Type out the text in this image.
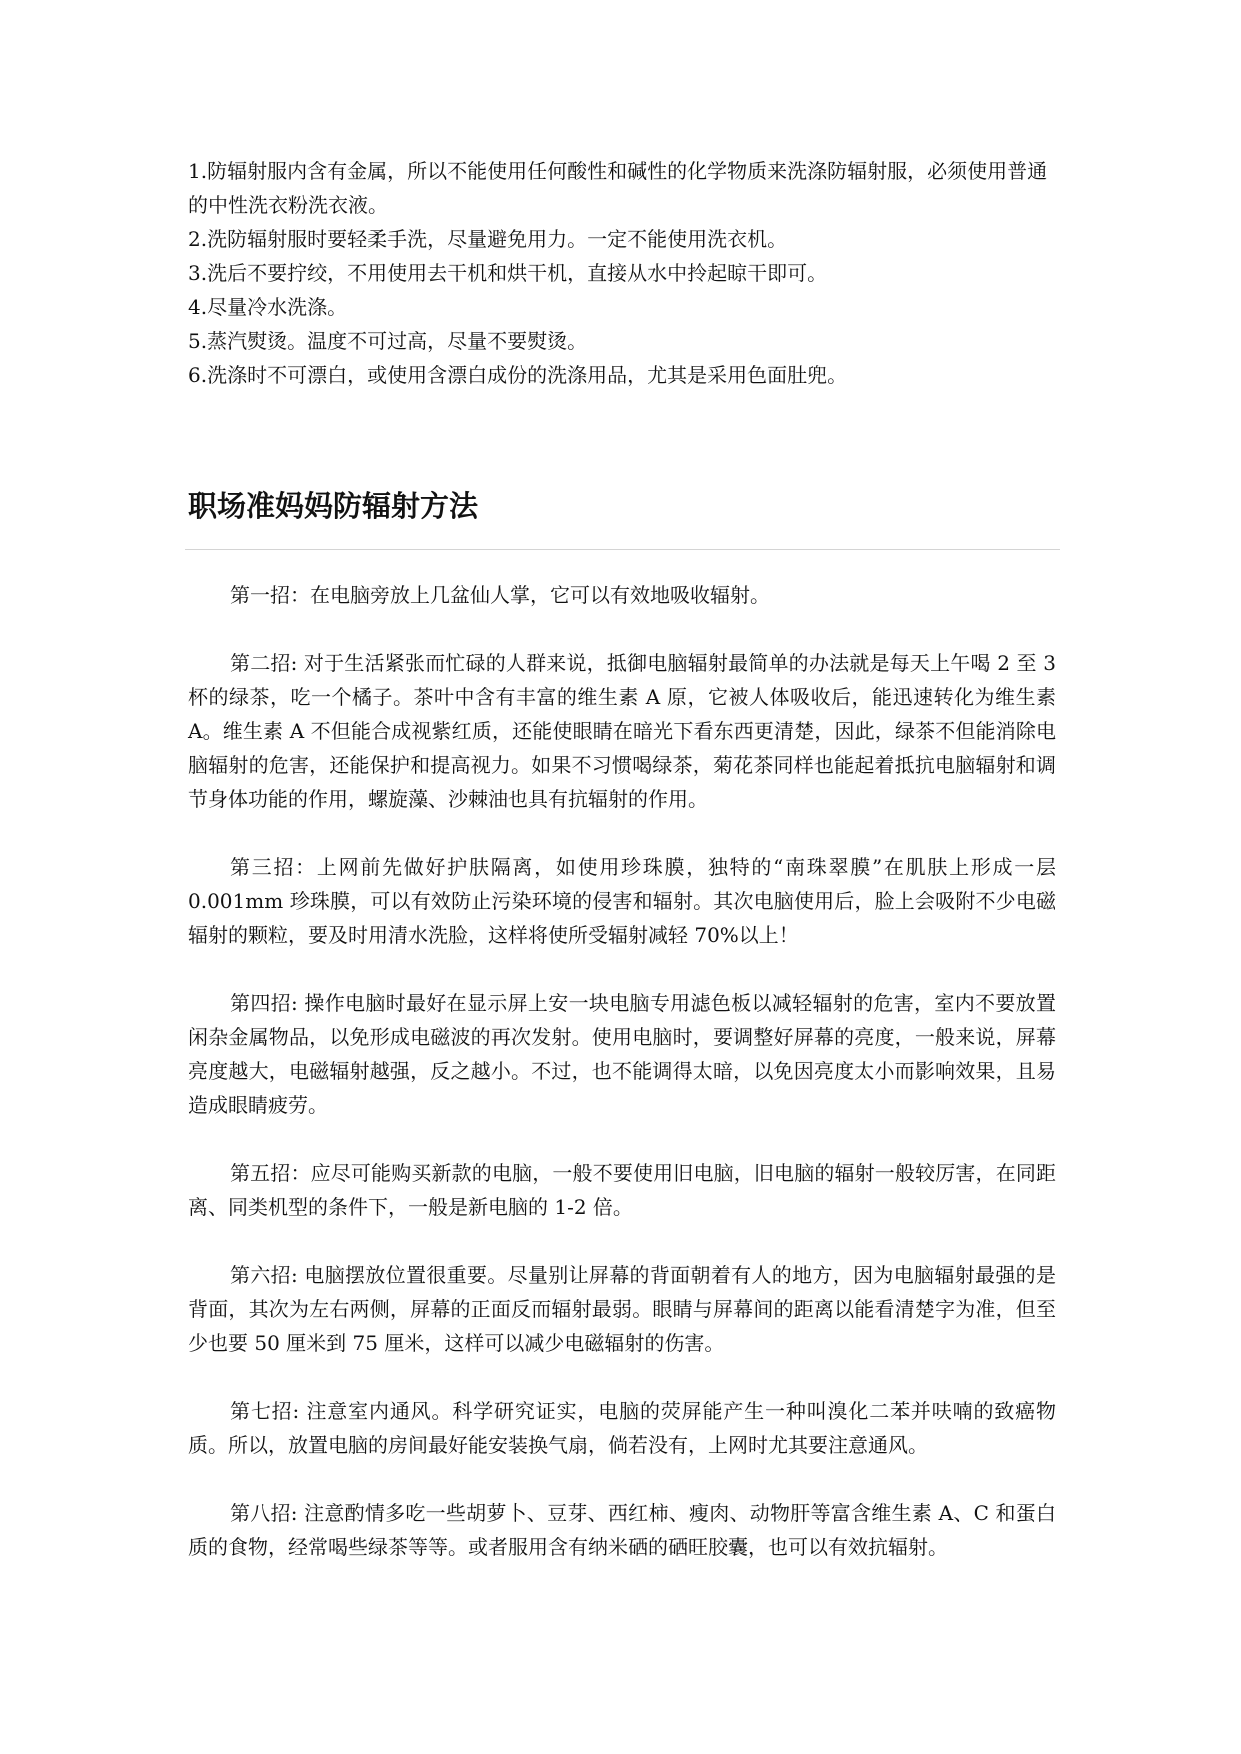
1.防辐射服内含有金属，所以不能使用任何酸性和碱性的化学物质来洗涤防辐射服，必须使用普通的中性洗衣粉洗衣液。
2.洗防辐射服时要轻柔手洗，尽量避免用力。一定不能使用洗衣机。
3.洗后不要拧绞，不用使用去干机和烘干机，直接从水中拎起晾干即可。
4.尽量冷水洗涤。
5.蒸汽熨烫。温度不可过高，尽量不要熨烫。
6.洗涤时不可漂白，或使用含漂白成份的洗涤用品，尤其是采用色面肚兜。
职场准妈妈防辐射方法

第一招：在电脑旁放上几盆仙人掌，它可以有效地吸收辐射。

第二招: 对于生活紧张而忙碌的人群来说，抵御电脑辐射最简单的办法就是每天上午喝 2 至 3 杯的绿茶，吃一个橘子。茶叶中含有丰富的维生素 A 原，它被人体吸收后，能迅速转化为维生素 A。维生素 A 不但能合成视紫红质，还能使眼睛在暗光下看东西更清楚，因此，绿茶不但能消除电脑辐射的危害，还能保护和提高视力。如果不习惯喝绿茶，菊花茶同样也能起着抵抗电脑辐射和调节身体功能的作用，螺旋藻、沙棘油也具有抗辐射的作用。

第三招：上网前先做好护肤隔离，如使用珍珠膜，独特的“南珠翠膜”在肌肤上形成一层 0.001mm 珍珠膜，可以有效防止污染环境的侵害和辐射。其次电脑使用后，脸上会吸附不少电磁辐射的颗粒，要及时用清水洗脸，这样将使所受辐射减轻 70%以上！

第四招: 操作电脑时最好在显示屏上安一块电脑专用滤色板以减轻辐射的危害，室内不要放置闲杂金属物品，以免形成电磁波的再次发射。使用电脑时，要调整好屏幕的亮度，一般来说，屏幕亮度越大，电磁辐射越强，反之越小。不过，也不能调得太暗，以免因亮度太小而影响效果，且易造成眼睛疲劳。

第五招：应尽可能购买新款的电脑，一般不要使用旧电脑，旧电脑的辐射一般较厉害，在同距离、同类机型的条件下，一般是新电脑的 1-2 倍。

第六招: 电脑摆放位置很重要。尽量别让屏幕的背面朝着有人的地方，因为电脑辐射最强的是背面，其次为左右两侧，屏幕的正面反而辐射最弱。眼睛与屏幕间的距离以能看清楚字为准，但至少也要 50 厘米到 75 厘米，这样可以减少电磁辐射的伤害。

第七招: 注意室内通风。科学研究证实，电脑的荧屏能产生一种叫溴化二苯并呋喃的致癌物质。所以，放置电脑的房间最好能安装换气扇，倘若没有，上网时尤其要注意通风。

第八招: 注意酌情多吃一些胡萝卜、豆芽、西红柿、瘦肉、动物肝等富含维生素 A、C 和蛋白质的食物，经常喝些绿茶等等。或者服用含有纳米硒的硒旺胶囊，也可以有效抗辐射。
